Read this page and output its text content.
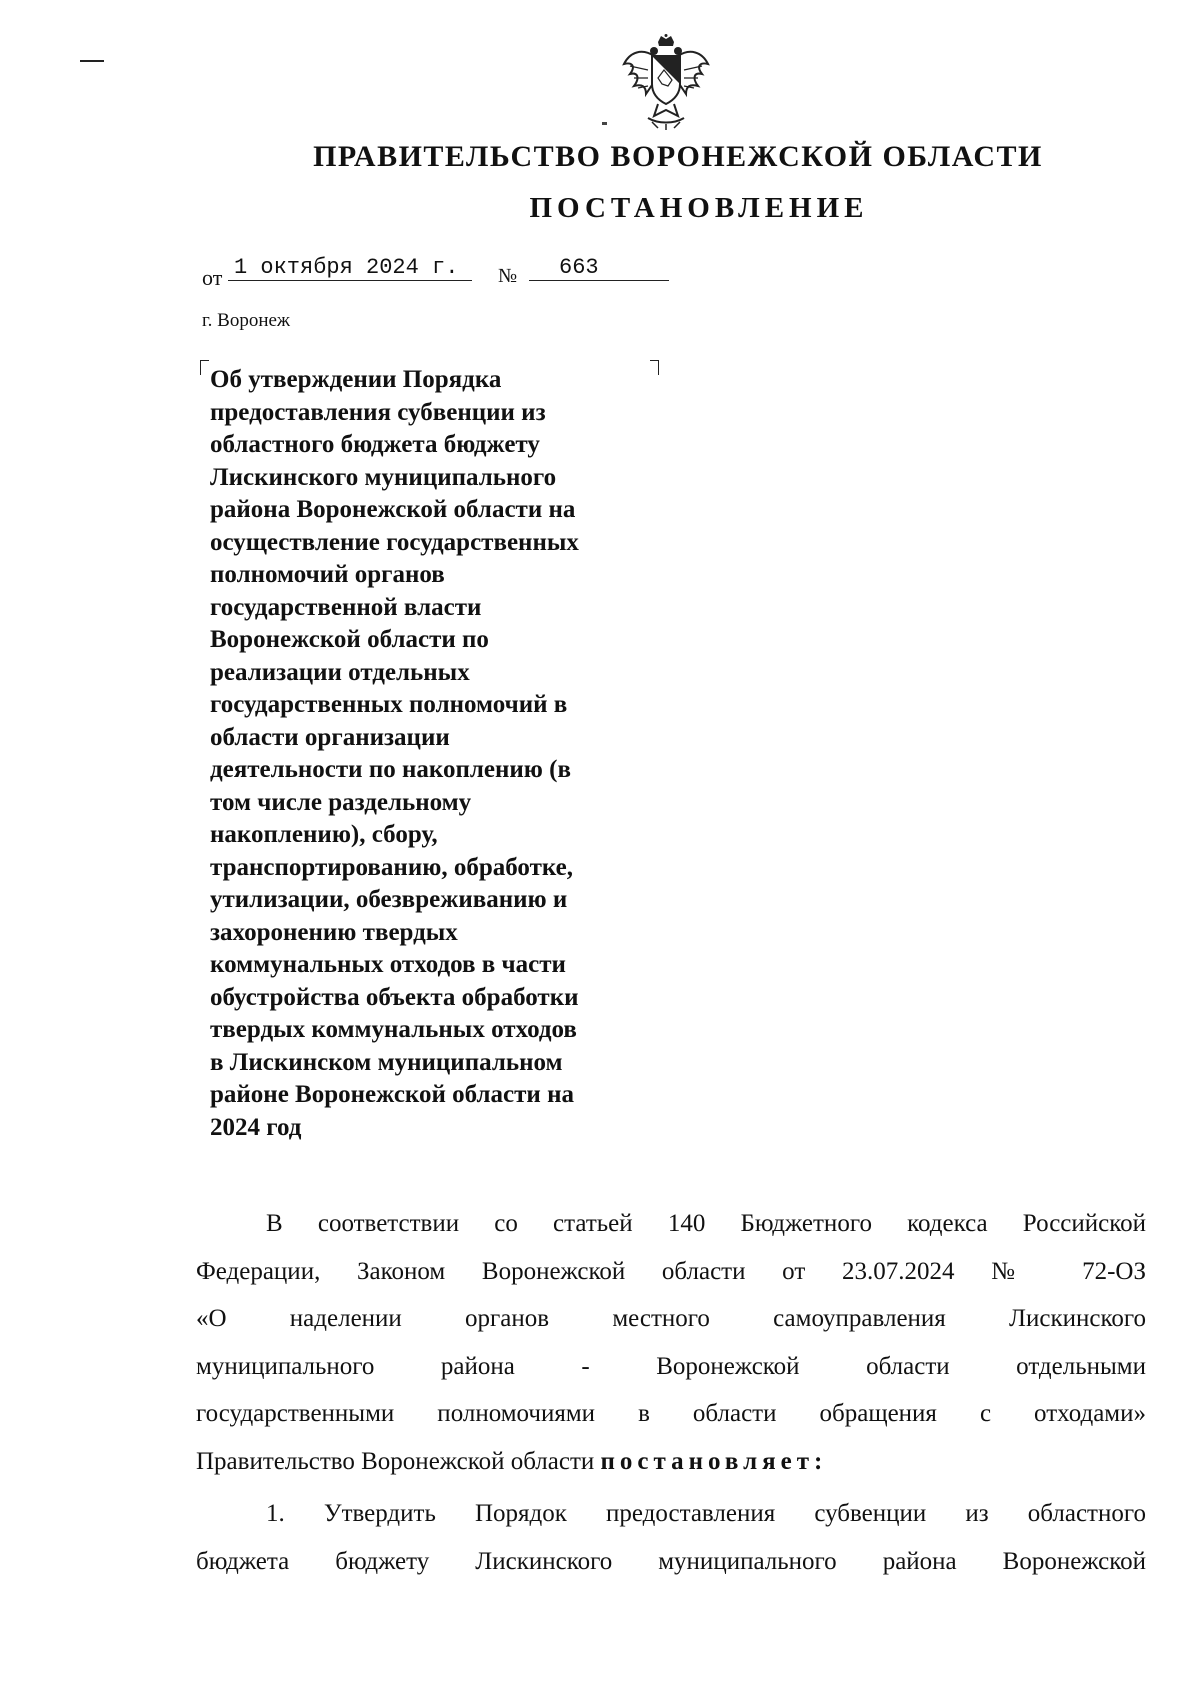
ПРАВИТЕЛЬСТВО ВОРОНЕЖСКОЙ ОБЛАСТИ
ПОСТАНОВЛЕНИЕ
от 1 октября 2024 г.	№	663
г. Воронеж
Об утверждении Порядка
предоставления субвенции из
областного бюджета бюджету
Лискинского муниципального
района Воронежской области на
осуществление государственных
полномочий органов
государственной власти
Воронежской области по
реализации отдельных
государственных полномочий в
области организации
деятельности по накоплению (в
том числе раздельному
накоплению), сбору,
транспортированию, обработке,
утилизации, обезвреживанию и
захоронению твердых
коммунальных отходов в части
обустройства объекта обработки
твердых коммунальных отходов
в Лискинском муниципальном
районе Воронежской области на
2024 год
В соответствии со статьей 140 Бюджетного кодекса Российской
Федерации, Законом Воронежской области от 23.07.2024 № 72-ОЗ
«О наделении органов местного самоуправления Лискинского
муниципального района - Воронежской области отдельными
государственными полномочиями в области обращения с отходами»
Правительство Воронежской области постановляет:
1. Утвердить Порядок предоставления субвенции из областного
бюджета бюджету Лискинского муниципального района Воронежской
